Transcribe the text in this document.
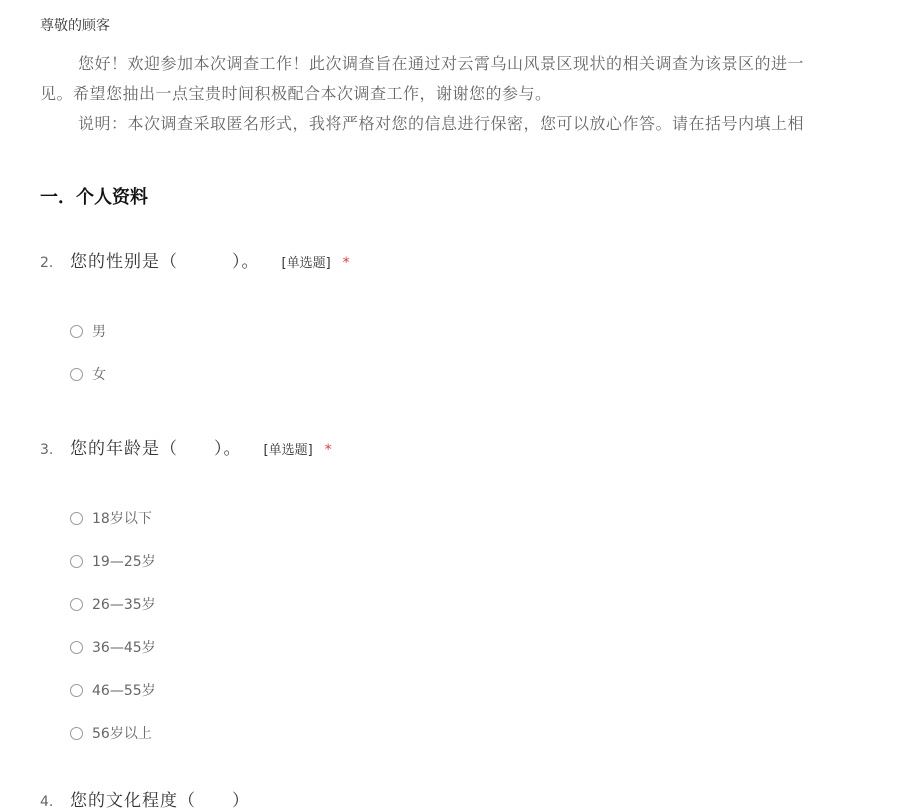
尊敬的顾客
您好！欢迎参加本次调查工作！此次调查旨在通过对云霄乌山风景区现状的相关调查为该景区的进一
见。希望您抽出一点宝贵时间积极配合本次调查工作，谢谢您的参与。
说明：本次调查采取匿名形式，我将严格对您的信息进行保密，您可以放心作答。请在括号内填上相
一．个人资料
2. 您的性别是（　　　）。 [单选题] *
男
女
3. 您的年龄是（　　）。 [单选题] *
18岁以下
19—25岁
26—35岁
36—45岁
46—55岁
56岁以上
4. 您的文化程度（　　）
